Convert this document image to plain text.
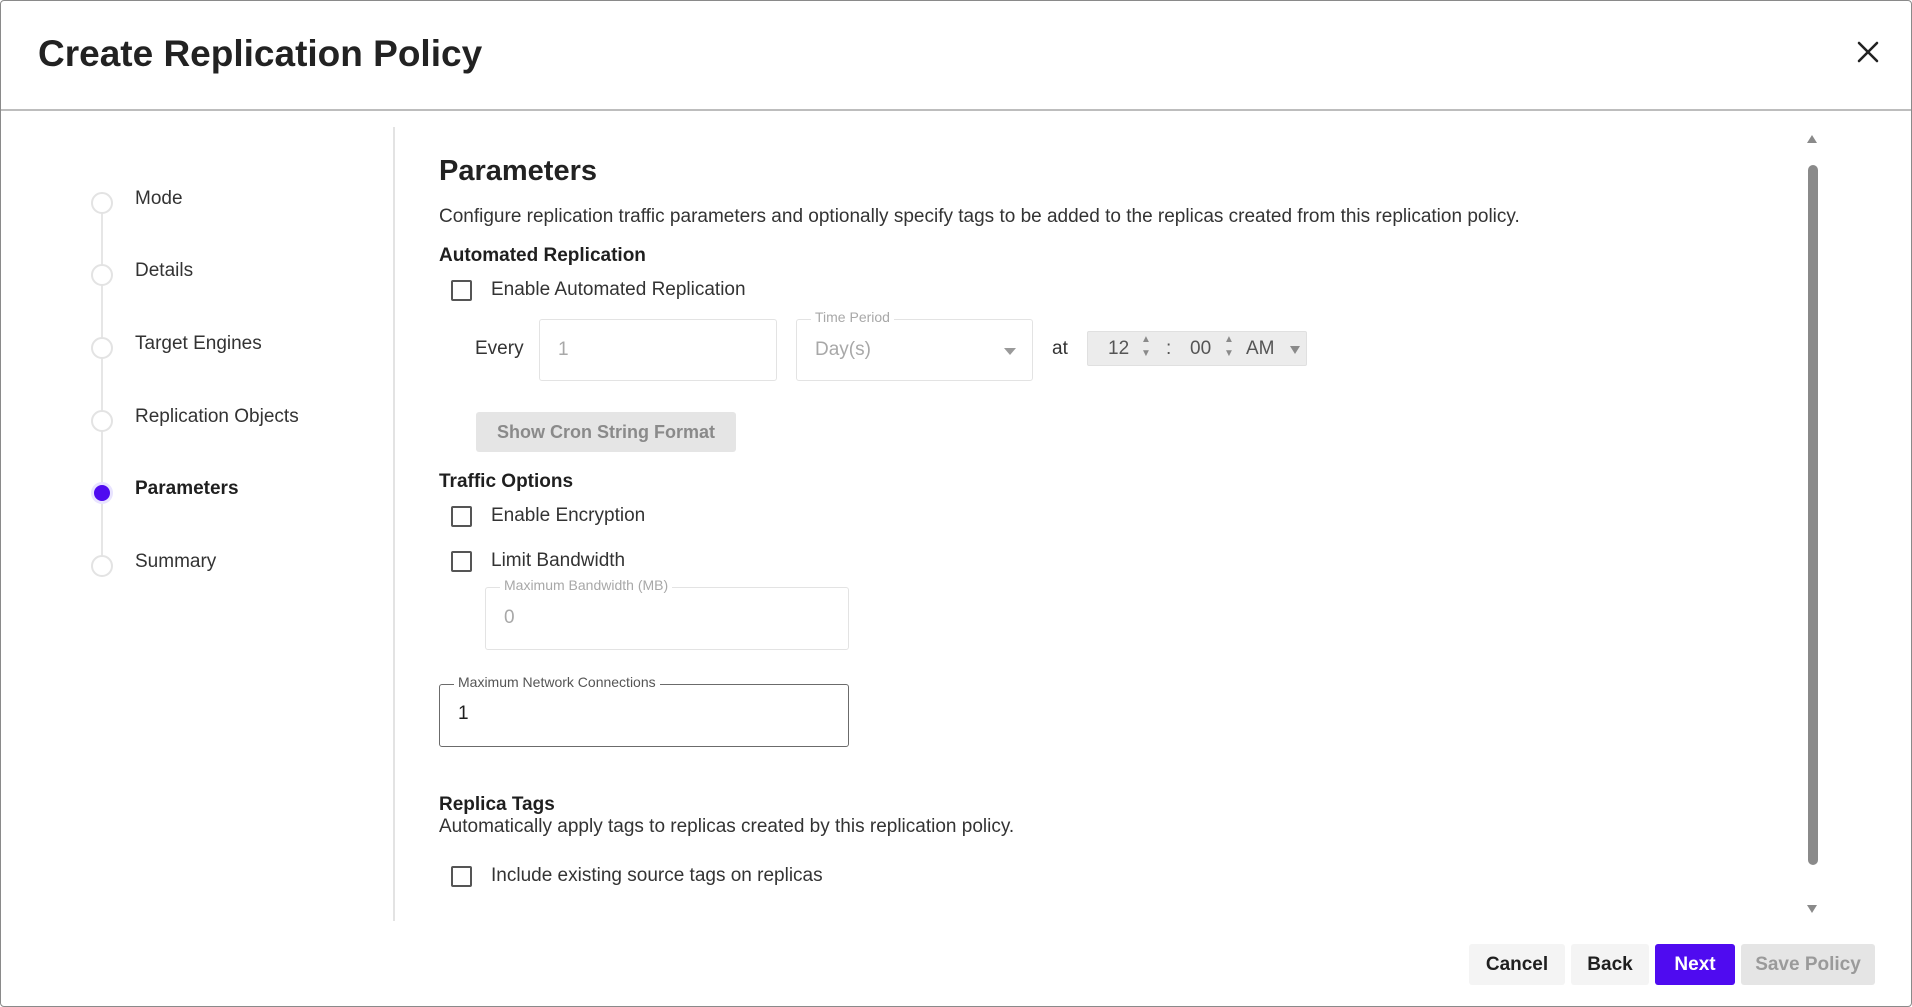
Create Replication Policy
Mode
Details
Target Engines
Replication Objects
Parameters
Summary
Parameters
Configure replication traffic parameters and optionally specify tags to be added to the replicas created from this replication policy.
Automated Replication
Enable Automated Replication
Every 1
Time Period
Day(s)	at 12 ▲
▼ : 00 ▲
▼ AM
Show Cron String Format
Traffic Options
Enable Encryption
Limit Bandwidth
Maximum Bandwidth (MB)
0
Maximum Network Connections
1
Replica Tags
Automatically apply tags to replicas created by this replication policy.
Include existing source tags on replicas
Cancel	Back	Next	Save Policy
